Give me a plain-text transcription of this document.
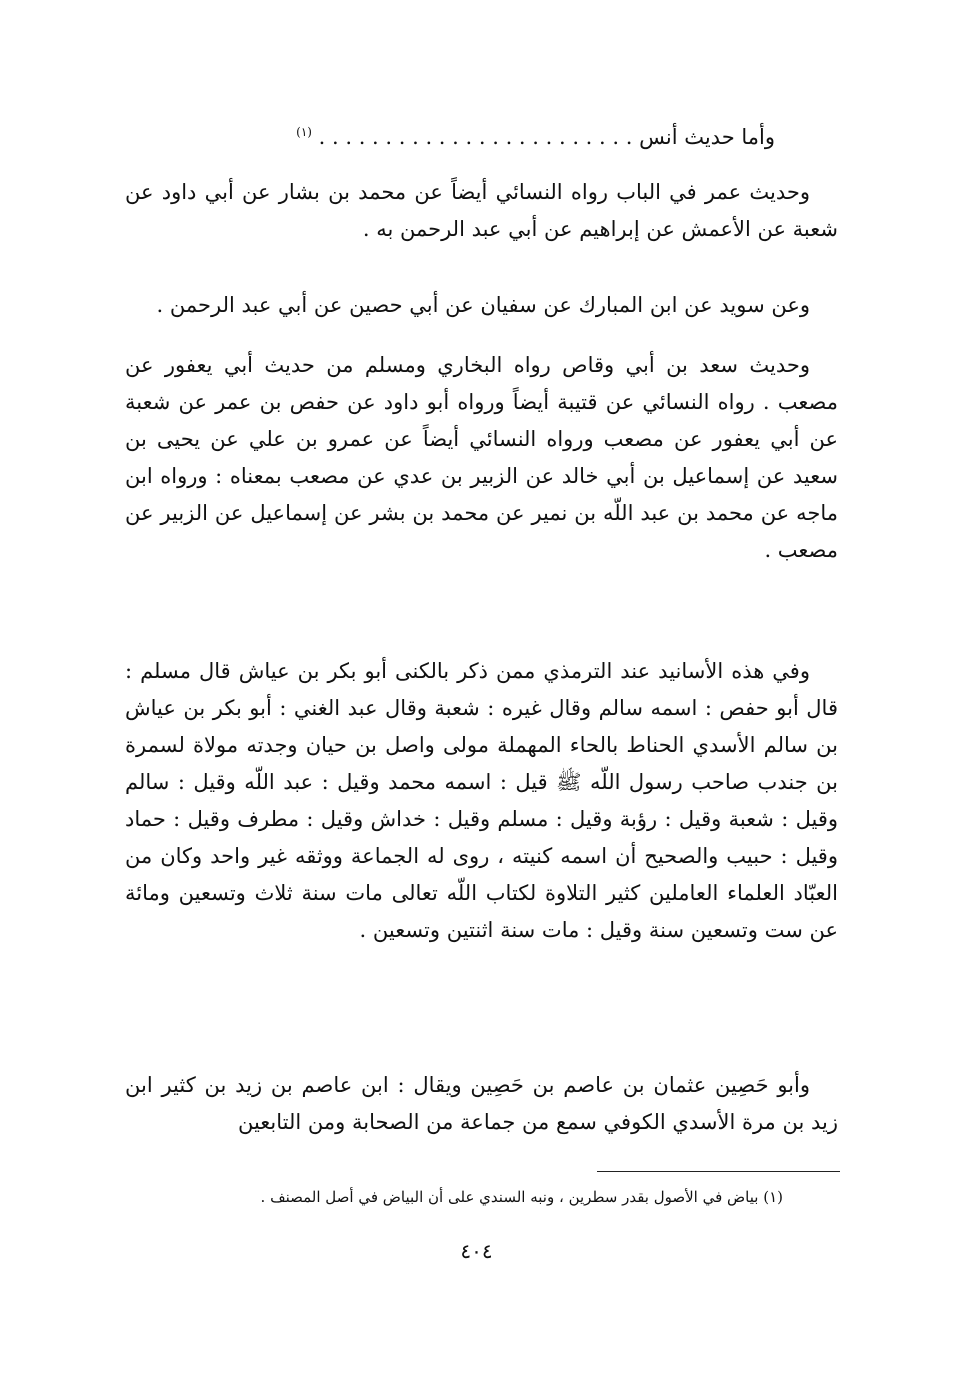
وأما حديث أنس . . . . . . . . . . . . . . . . . . . . . . . . $^{(١)}$

وحديث عمر في الباب رواه النسائي أيضاً عن محمد بن بشار عن أبي داود عن شعبة عن الأعمش عن إبراهيم عن أبي عبد الرحمن به .

وعن سويد عن ابن المبارك عن سفيان عن أبي حصين عن أبي عبد الرحمن .

وحديث سعد بن أبي وقاص رواه البخاري ومسلم من حديث أبي يعفور عن مصعب . رواه النسائي عن قتيبة أيضاً ورواه أبو داود عن حفص بن عمر عن شعبة عن أبي يعفور عن مصعب ورواه النسائي أيضاً عن عمرو بن علي عن يحيى بن سعيد عن إسماعيل بن أبي خالد عن الزبير بن عدي عن مصعب بمعناه : ورواه ابن ماجه عن محمد بن عبد اللّه بن نمير عن محمد بن بشر عن إسماعيل عن الزبير عن مصعب .

وفي هذه الأسانيد عند الترمذي ممن ذكر بالكنى أبو بكر بن عياش قال مسلم : قال أبو حفص : اسمه سالم وقال غيره : شعبة وقال عبد الغني : أبو بكر بن عياش بن سالم الأسدي الحناط بالحاء المهملة مولى واصل بن حيان وجدته مولاة لسمرة بن جندب صاحب رسول اللّه ﷺ قيل : اسمه محمد وقيل : عبد اللّه وقيل : سالم وقيل : شعبة وقيل : رؤبة وقيل : مسلم وقيل : خداش وقيل : مطرف وقيل : حماد وقيل : حبيب والصحيح أن اسمه كنيته ، روى له الجماعة ووثقه غير واحد وكان من العبّاد العلماء العاملين كثير التلاوة لكتاب اللّه تعالى مات سنة ثلاث وتسعين ومائة عن ست وتسعين سنة وقيل : مات سنة اثنتين وتسعين .

وأبو حَصِين عثمان بن عاصم بن حَصِين ويقال : ابن عاصم بن زيد بن كثير ابن زيد بن مرة الأسدي الكوفي سمع من جماعة من الصحابة ومن التابعين

(١) بياض في الأصول بقدر سطرين ، ونبه السندي على أن البياض في أصل المصنف .
٤٠٤
